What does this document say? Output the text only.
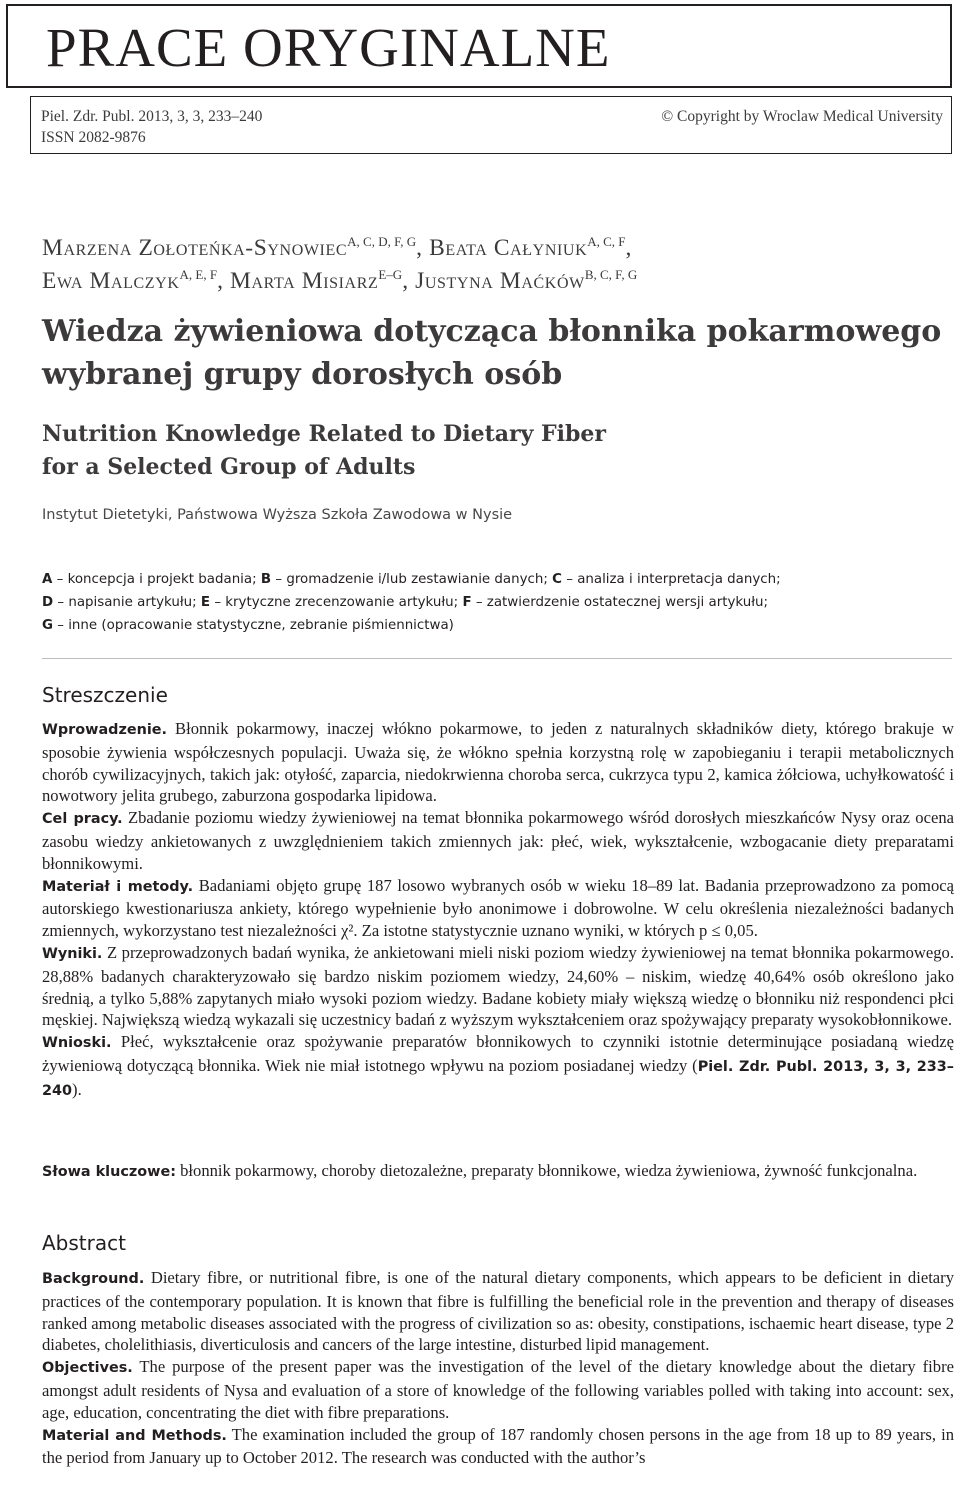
PRACE ORYGINALNE
Piel. Zdr. Publ. 2013, 3, 3, 233–240
ISSN 2082-9876
© Copyright by Wroclaw Medical University
Marzena Zołoteńka-Synowiec$^{A, C, D, F, G}$, Beata Całyniuk$^{A, C, F}$,
Ewa Malczyk$^{A, E, F}$, Marta Misiarz$^{E-G}$, Justyna Maćków$^{B, C, F, G}$
Wiedza żywieniowa dotycząca błonnika pokarmowego
wybranej grupy dorosłych osób
Nutrition Knowledge Related to Dietary Fiber
for a Selected Group of Adults
Instytut Dietetyki, Państwowa Wyższa Szkoła Zawodowa w Nysie
A – koncepcja i projekt badania; B – gromadzenie i/lub zestawianie danych; C – analiza i interpretacja danych;
D – napisanie artykułu; E – krytyczne zrecenzowanie artykułu; F – zatwierdzenie ostatecznej wersji artykułu;
G – inne (opracowanie statystyczne, zebranie piśmiennictwa)
Streszczenie

Wprowadzenie. Błonnik pokarmowy, inaczej włókno pokarmowe, to jeden z naturalnych składników diety, którego brakuje w sposobie żywienia współczesnych populacji. Uważa się, że włókno spełnia korzystną rolę w zapobieganiu i terapii metabolicznych chorób cywilizacyjnych, takich jak: otyłość, zaparcia, niedokrwienna choroba serca, cukrzyca typu 2, kamica żółciowa, uchyłkowatość i nowotwory jelita grubego, zaburzona gospodarka lipidowa.

Cel pracy. Zbadanie poziomu wiedzy żywieniowej na temat błonnika pokarmowego wśród dorosłych mieszkańców Nysy oraz ocena zasobu wiedzy ankietowanych z uwzględnieniem takich zmiennych jak: płeć, wiek, wykształcenie, wzbogacanie diety preparatami błonnikowymi.

Materiał i metody. Badaniami objęto grupę 187 losowo wybranych osób w wieku 18–89 lat. Badania przeprowadzono za pomocą autorskiego kwestionariusza ankiety, którego wypełnienie było anonimowe i dobrowolne. W celu określenia niezależności badanych zmiennych, wykorzystano test niezależności χ². Za istotne statystycznie uznano wyniki, w których p ≤ 0,05.

Wyniki. Z przeprowadzonych badań wynika, że ankietowani mieli niski poziom wiedzy żywieniowej na temat błonnika pokarmowego. 28,88% badanych charakteryzowało się bardzo niskim poziomem wiedzy, 24,60% – niskim, wiedzę 40,64% osób określono jako średnią, a tylko 5,88% zapytanych miało wysoki poziom wiedzy. Badane kobiety miały większą wiedzę o błonniku niż respondenci płci męskiej. Największą wiedzą wykazali się uczestnicy badań z wyższym wykształceniem oraz spożywający preparaty wysokobłonnikowe.

Wnioski. Płeć, wykształcenie oraz spożywanie preparatów błonnikowych to czynniki istotnie determinujące posiadaną wiedzę żywieniową dotyczącą błonnika. Wiek nie miał istotnego wpływu na poziom posiadanej wiedzy (Piel. Zdr. Publ. 2013, 3, 3, 233–240).

Słowa kluczowe: błonnik pokarmowy, choroby dietozależne, preparaty błonnikowe, wiedza żywieniowa, żywność funkcjonalna.

Abstract

Background. Dietary fibre, or nutritional fibre, is one of the natural dietary components, which appears to be deficient in dietary practices of the contemporary population. It is known that fibre is fulfilling the beneficial role in the prevention and therapy of diseases ranked among metabolic diseases associated with the progress of civilization so as: obesity, constipations, ischaemic heart disease, type 2 diabetes, cholelithiasis, diverticulosis and cancers of the large intestine, disturbed lipid management.

Objectives. The purpose of the present paper was the investigation of the level of the dietary knowledge about the dietary fibre amongst adult residents of Nysa and evaluation of a store of knowledge of the following variables polled with taking into account: sex, age, education, concentrating the diet with fibre preparations.

Material and Methods. The examination included the group of 187 randomly chosen persons in the age from 18 up to 89 years, in the period from January up to October 2012. The research was conducted with the author’s
